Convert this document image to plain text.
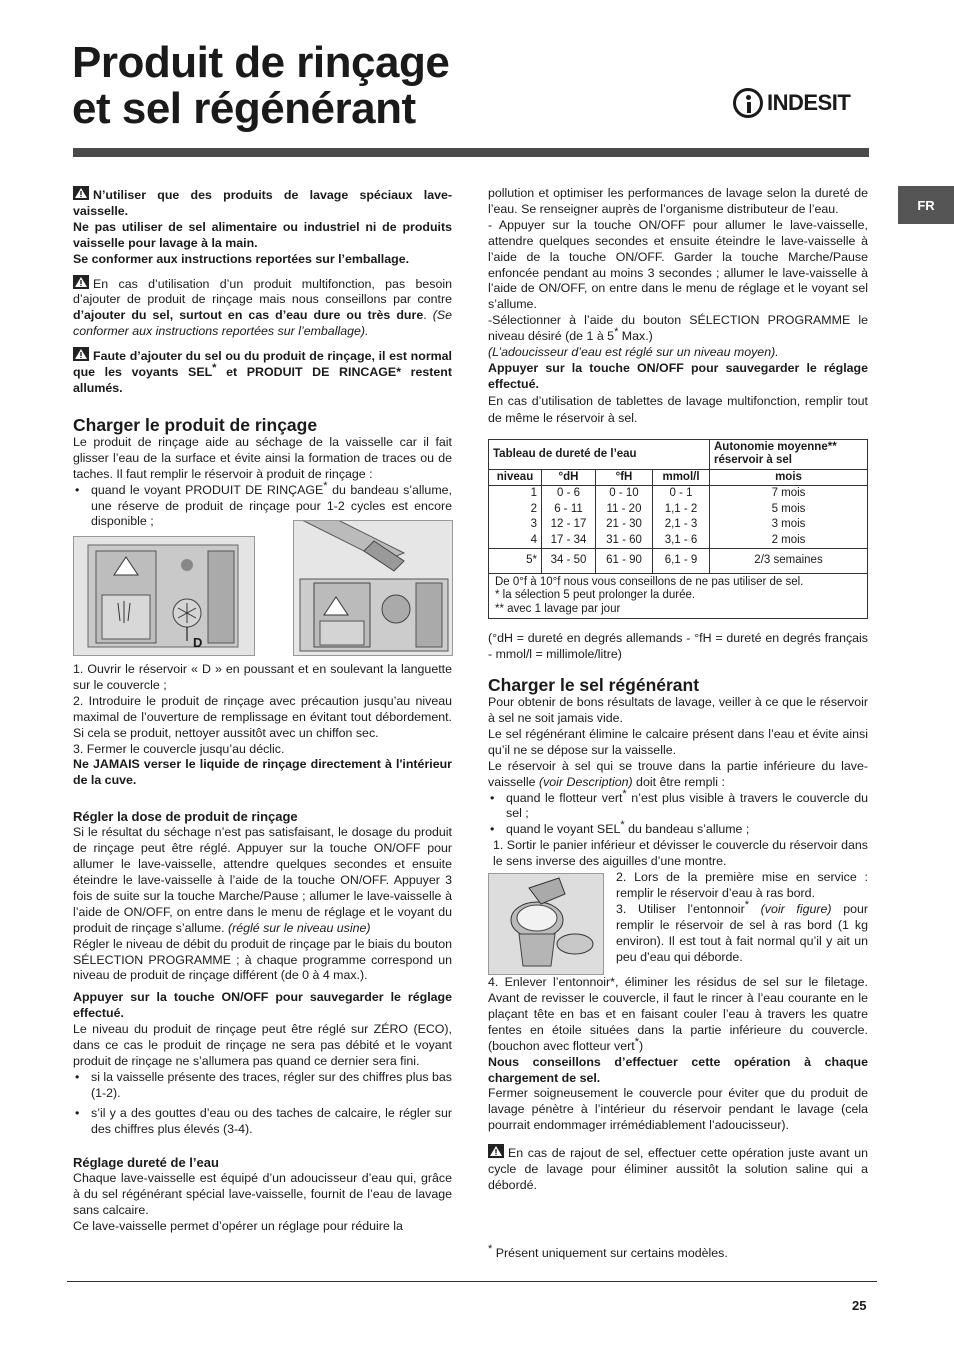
Produit de rinçage
et sel régénérant	INDESIT
FR

N’utiliser que des produits de lavage spéciaux lave-vaisselle.

Ne pas utiliser de sel alimentaire ou industriel ni de produits vaisselle pour lavage à la main.

Se conformer aux instructions reportées sur l’emballage.

En cas d’utilisation d’un produit multifonction, pas besoin d’ajouter de produit de rinçage mais nous conseillons par contre d’ajouter du sel, surtout en cas d’eau dure ou très dure. (Se conformer aux instructions reportées sur l’emballage).

Faute d’ajouter du sel ou du produit de rinçage, il est normal que les voyants SEL* et PRODUIT DE RINCAGE* restent allumés.

Charger le produit de rinçage

Le produit de rinçage aide au séchage de la vaisselle car il fait glisser l’eau de la surface et évite ainsi la formation de traces ou de taches. Il faut remplir le réservoir à produit de rinçage :

• quand le voyant PRODUIT DE RINÇAGE* du bandeau s’allume, une réserve de produit de rinçage pour 1-2 cycles est encore disponible ;
D

1. Ouvrir le réservoir « D » en poussant et en soulevant la languette sur le couvercle ;

2. Introduire le produit de rinçage avec précaution jusqu’au niveau maximal de l’ouverture de remplissage en évitant tout débordement. Si cela se produit, nettoyer aussitôt avec un chiffon sec.

3. Fermer le couvercle jusqu’au déclic.

Ne JAMAIS verser le liquide de rinçage directement à l'intérieur de la cuve.

Régler la dose de produit de rinçage

Si le résultat du séchage n’est pas satisfaisant, le dosage du produit de rinçage peut être réglé. Appuyer sur la touche ON/OFF pour allumer le lave-vaisselle, attendre quelques secondes et ensuite éteindre le lave-vaisselle à l’aide de la touche ON/OFF. Appuyer 3 fois de suite sur la touche Marche/Pause ; allumer le lave-vaisselle à l’aide de ON/OFF, on entre dans le menu de réglage et le voyant du produit de rinçage s’allume. (réglé sur le niveau usine)

Régler le niveau de débit du produit de rinçage par le biais du bouton SÉLECTION PROGRAMME ; à chaque programme correspond un niveau de produit de rinçage différent (de 0 à 4 max.).

Appuyer sur la touche ON/OFF pour sauvegarder le réglage effectué.

Le niveau du produit de rinçage peut être réglé sur ZÉRO (ECO), dans ce cas le produit de rinçage ne sera pas débité et le voyant produit de rinçage ne s’allumera pas quand ce dernier sera fini.

• si la vaisselle présente des traces, régler sur des chiffres plus bas (1-2).
• s’il y a des gouttes d’eau ou des taches de calcaire, le régler sur des chiffres plus élevés (3-4).
Réglage dureté de l’eau

Chaque lave-vaisselle est équipé d’un adoucisseur d’eau qui, grâce à du sel régénérant spécial lave-vaisselle, fournit de l’eau de lavage sans calcaire.

Ce lave-vaisselle permet d’opérer un réglage pour réduire la

pollution et optimiser les performances de lavage selon la dureté de l’eau. Se renseigner auprès de l’organisme distributeur de l’eau.

- Appuyer sur la touche ON/OFF pour allumer le lave-vaisselle, attendre quelques secondes et ensuite éteindre le lave-vaisselle à l’aide de la touche ON/OFF. Garder la touche Marche/Pause enfoncée pendant au moins 3 secondes ; allumer le lave-vaisselle à l’aide de ON/OFF, on entre dans le menu de réglage et le voyant sel s’allume.

-Sélectionner à l’aide du bouton SÉLECTION PROGRAMME le niveau désiré (de 1 à 5* Max.)

(L’adoucisseur d’eau est réglé sur un niveau moyen).

Appuyer sur la touche ON/OFF pour sauvegarder le réglage effectué.

En cas d’utilisation de tablettes de lavage multifonction, remplir tout de même le réservoir à sel.

Tableau de dureté de l’eau				Autonomie moyenne** réservoir à sel
niveau	°dH	°fH	mmol/l	mois
1	0 - 6	0 - 10	0 - 1	7 mois
2	6 - 11	11 - 20	1,1 - 2	5 mois
3	12 - 17	21 - 30	2,1 - 3	3 mois
4	17 - 34	31 - 60	3,1 - 6	2 mois
5*	34 - 50	61 - 90	6,1 - 9	2/3 semaines

De 0°f à 10°f nous vous conseillons de ne pas utiliser de sel.
* la sélection 5 peut prolonger la durée.
** avec 1 lavage par jour				

(°dH = dureté en degrés allemands - °fH = dureté en degrés français - mmol/l = millimole/litre)

Charger le sel régénérant

Pour obtenir de bons résultats de lavage, veiller à ce que le réservoir à sel ne soit jamais vide.

Le sel régénérant élimine le calcaire présent dans l’eau et évite ainsi qu’il ne se dépose sur la vaisselle.

Le réservoir à sel qui se trouve dans la partie inférieure du lave-vaisselle (voir Description) doit être rempli :

• quand le flotteur vert* n’est plus visible à travers le couvercle du sel ;
• quand le voyant SEL* du bandeau s’allume ;

1. Sortir le panier inférieur et dévisser le couvercle du réservoir dans le sens inverse des aiguilles d’une montre.

2. Lors de la première mise en service : remplir le réservoir d’eau à ras bord.

3. Utiliser l’entonnoir* (voir figure) pour remplir le réservoir de sel à ras bord (1 kg environ). Il est tout à fait normal qu’il y ait un peu d’eau qui déborde.

4. Enlever l’entonnoir*, éliminer les résidus de sel sur le filetage. Avant de revisser le couvercle, il faut le rincer à l’eau courante en le plaçant tête en bas et en faisant couler l’eau à travers les quatre fentes en étoile situées dans la partie inférieure du couvercle. (bouchon avec flotteur vert*)

Nous conseillons d’effectuer cette opération à chaque chargement de sel.

Fermer soigneusement le couvercle pour éviter que du produit de lavage pénètre à l’intérieur du réservoir pendant le lavage (cela pourrait endommager irrémédiablement l’adoucisseur).

En cas de rajout de sel, effectuer cette opération juste avant un cycle de lavage pour éliminer aussitôt la solution saline qui a débordé.

* Présent uniquement sur certains modèles.

25
